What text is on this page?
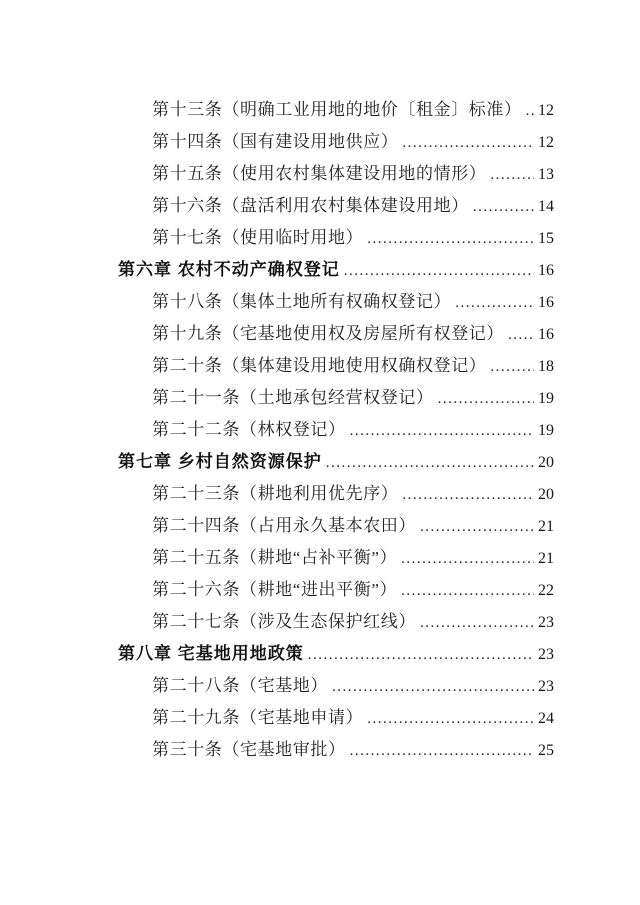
第十三条（明确工业用地的地价〔租金〕标准） ..... 12
第十四条（国有建设用地供应） .....	12
第十五条（使用农村集体建设用地的情形） .....	13
第十六条（盘活利用农村集体建设用地） .....	14
第十七条（使用临时用地） .....	15
第六章 农村不动产确权登记 .....	16
第十八条（集体土地所有权确权登记） .....	16
第十九条（宅基地使用权及房屋所有权登记） ..... 16
第二十条（集体建设用地使用权确权登记） .....	18
第二十一条（土地承包经营权登记） .....	19
第二十二条（林权登记） .....	19
第七章 乡村自然资源保护 .....	20
第二十三条（耕地利用优先序） .....	20
第二十四条（占用永久基本农田） .....	21
第二十五条（耕地“占补平衡”） .....	21
第二十六条（耕地“进出平衡”） .....	22
第二十七条（涉及生态保护红线） .....	23
第八章 宅基地用地政策 .....	23
第二十八条（宅基地） .....	23
第二十九条（宅基地申请） .....	24
第三十条（宅基地审批） .....	25
